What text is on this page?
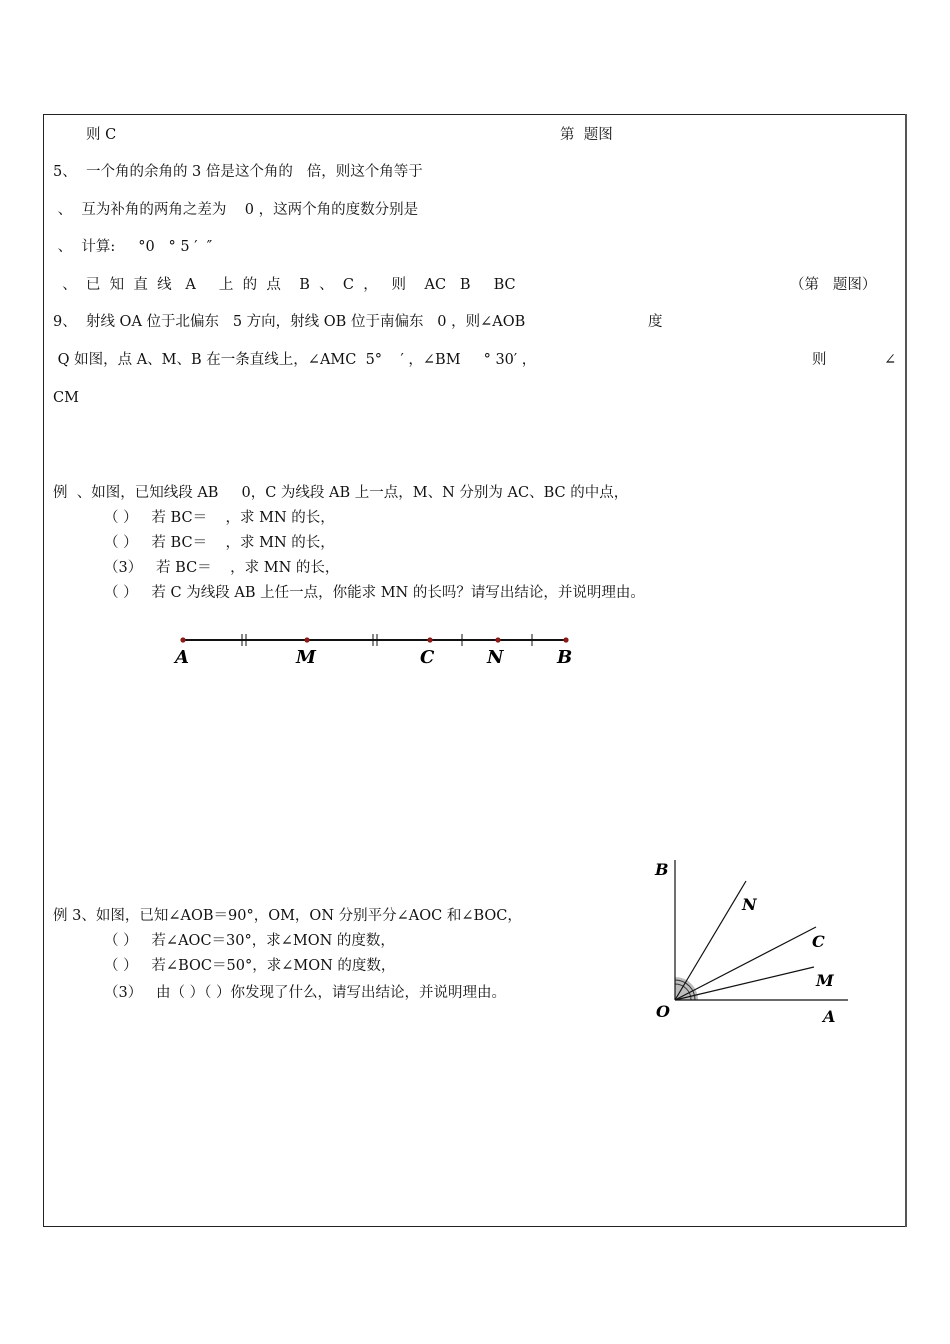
则 C	第  题图
5、  一个角的余角的 3 倍是这个角的   倍，则这个角等于
、  互为补角的两角之差为    0 ，这两个角的度数分别是
、  计算:     °0   ° 5 ′  ″
、  已  知  直  线   A     上  的  点    B  、  C  ，   则    AC   B     BC	（第   题图）
9、  射线 OA 位于北偏东   5 方向，射线 OB 位于南偏东   0 ，则∠AOB	度
Q 如图，点 A、M、B 在一条直线上，∠AMC  5°    ′ ，∠BM     ° 30′ ，	则	∠
CM
例  、如图，已知线段 AB     0，C 为线段 AB 上一点，M、N 分别为 AC、BC 的中点，
（ ）   若 BC＝    ，求 MN 的长，
（ ）   若 BC＝    ，求 MN 的长，
（3）   若 BC＝    ，求 MN 的长，
（ ）   若 C 为线段 AB 上任一点，你能求 MN 的长吗？请写出结论，并说明理由。
A	M	C	N	B
例 3、如图，已知∠AOB＝90°，OM，ON 分别平分∠AOC 和∠BOC，
（ ）   若∠AOC＝30°，求∠MON 的度数，
（ ）   若∠BOC＝50°，求∠MON 的度数，
（3）   由（ ）（ ）你发现了什么，请写出结论，并说明理由。
B
N
C
M
O	A
